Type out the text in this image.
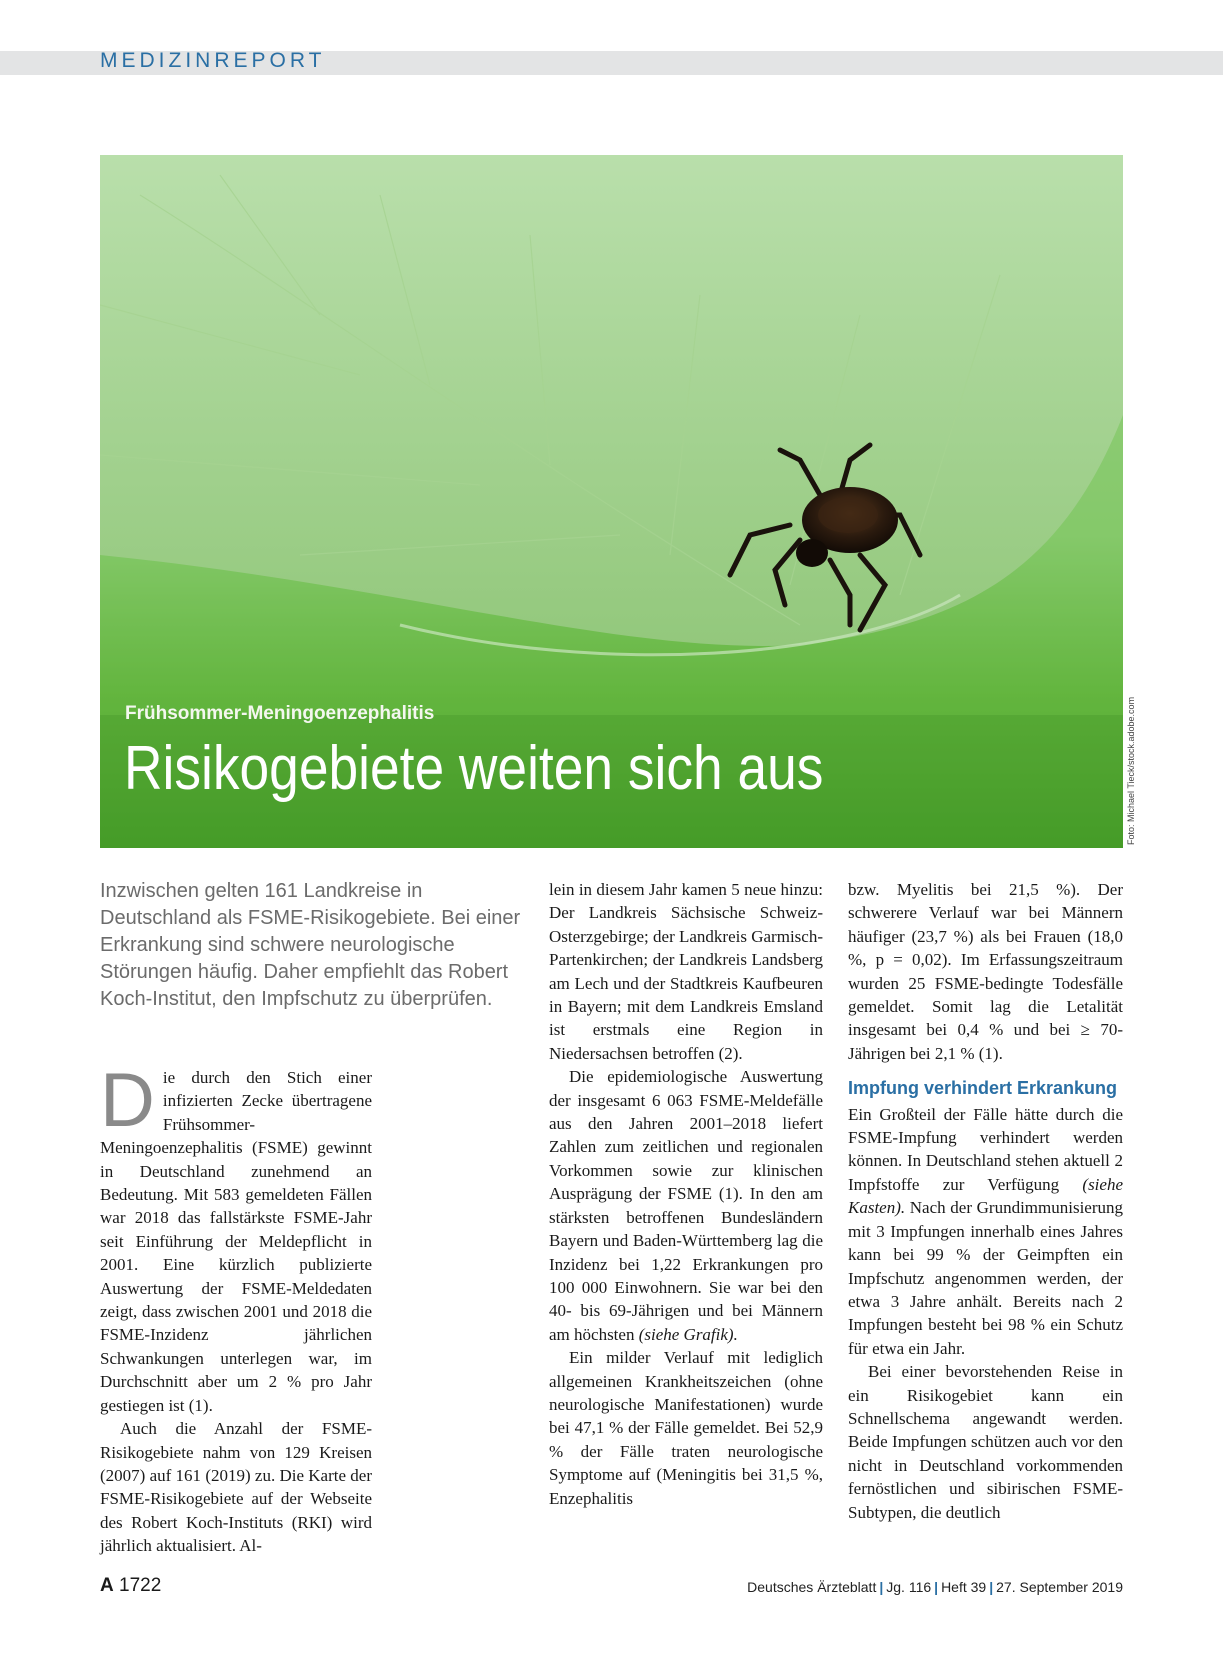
MEDIZINREPORT
Frühsommer-Meningoenzephalitis
Risikogebiete weiten sich aus	Foto: Michael Tieck/stock.adobe.com
Inzwischen gelten 161 Landkreise in Deutschland als FSME-Risikogebiete. Bei einer Erkrankung sind schwere neurologische Störungen häufig. Daher empfiehlt das Robert Koch-Institut, den Impfschutz zu überprüfen.
D ie durch den Stich einer infizierten Zecke übertragene Frühsommer-Meningoenzephalitis (FSME) gewinnt in Deutschland zunehmend an Bedeutung. Mit 583 gemeldeten Fällen war 2018 das fallstärkste FSME-Jahr seit Einführung der Meldepflicht in 2001. Eine kürzlich publizierte Auswertung der FSME-Meldedaten zeigt, dass zwischen 2001 und 2018 die FSME-Inzidenz jährlichen Schwankungen unterlegen war, im Durchschnitt aber um 2 % pro Jahr gestiegen ist (1).

Auch die Anzahl der FSME-Risikogebiete nahm von 129 Kreisen (2007) auf 161 (2019) zu. Die Karte der FSME-Risikogebiete auf der Webseite des Robert Koch-Instituts (RKI) wird jährlich aktualisiert. Al-

lein in diesem Jahr kamen 5 neue hinzu: Der Landkreis Sächsische Schweiz-Osterzgebirge; der Landkreis Garmisch-Partenkirchen; der Landkreis Landsberg am Lech und der Stadtkreis Kaufbeuren in Bayern; mit dem Landkreis Emsland ist erstmals eine Region in Niedersachsen betroffen (2).

Die epidemiologische Auswertung der insgesamt 6 063 FSME-Meldefälle aus den Jahren 2001–2018 liefert Zahlen zum zeitlichen und regionalen Vorkommen sowie zur klinischen Ausprägung der FSME (1). In den am stärksten betroffenen Bundesländern Bayern und Baden-Württemberg lag die Inzidenz bei 1,22 Erkrankungen pro 100 000 Einwohnern. Sie war bei den 40- bis 69-Jährigen und bei Männern am höchsten (siehe Grafik).

Ein milder Verlauf mit lediglich allgemeinen Krankheitszeichen (ohne neurologische Manifestationen) wurde bei 47,1 % der Fälle gemeldet. Bei 52,9 % der Fälle traten neurologische Symptome auf (Meningitis bei 31,5 %, Enzephalitis

bzw. Myelitis bei 21,5 %). Der schwerere Verlauf war bei Männern häufiger (23,7 %) als bei Frauen (18,0 %, p = 0,02). Im Erfassungszeitraum wurden 25 FSME-bedingte Todesfälle gemeldet. Somit lag die Letalität insgesamt bei 0,4 % und bei ≥ 70-Jährigen bei 2,1 % (1).

Impfung verhindert Erkrankung

Ein Großteil der Fälle hätte durch die FSME-Impfung verhindert werden können. In Deutschland stehen aktuell 2 Impfstoffe zur Verfügung (siehe Kasten). Nach der Grundimmunisierung mit 3 Impfungen innerhalb eines Jahres kann bei 99 % der Geimpften ein Impfschutz angenommen werden, der etwa 3 Jahre anhält. Bereits nach 2 Impfungen besteht bei 98 % ein Schutz für etwa ein Jahr.

Bei einer bevorstehenden Reise in ein Risikogebiet kann ein Schnellschema angewandt werden. Beide Impfungen schützen auch vor den nicht in Deutschland vorkommenden fernöstlichen und sibirischen FSME-Subtypen, die deutlich

A 1722	Deutsches Ärzteblatt | Jg. 116 | Heft 39 | 27. September 2019
